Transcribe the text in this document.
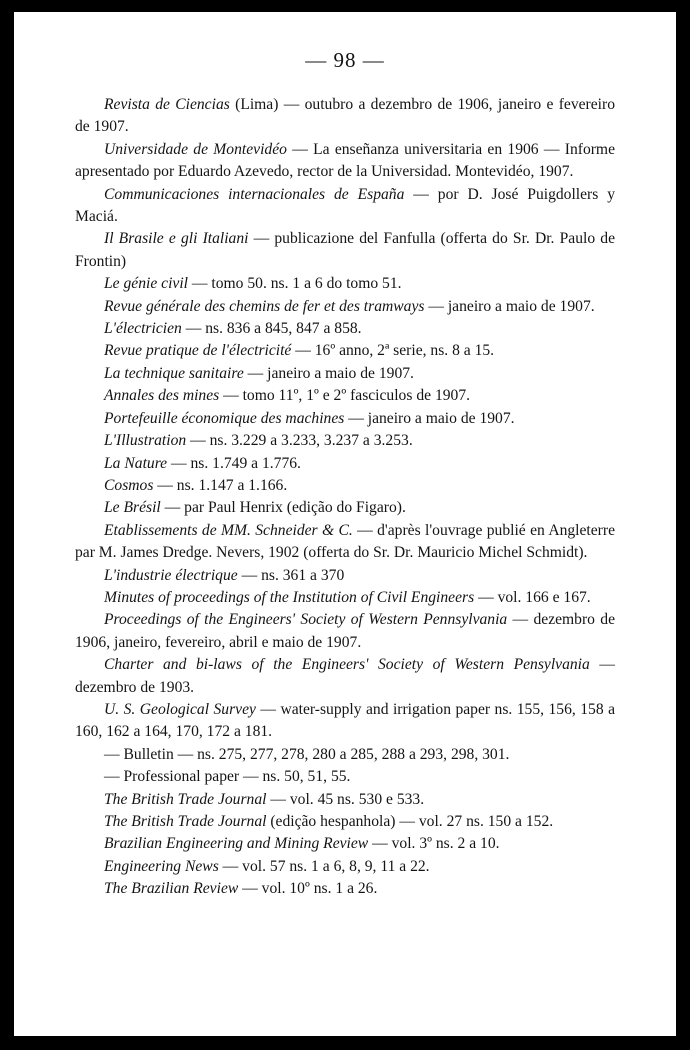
— 98 —

Revista de Ciencias (Lima) — outubro a dezembro de 1906, janeiro e fevereiro de 1907.

Universidade de Montevidéo — La enseñanza universitaria en 1906 — Informe apresentado por Eduardo Azevedo, rector de la Universidad. Montevidéo, 1907.

Communicaciones internacionales de España — por D. José Puigdollers y Maciá.

Il Brasile e gli Italiani — publicazione del Fanfulla (offerta do Sr. Dr. Paulo de Frontin)

Le génie civil — tomo 50. ns. 1 a 6 do tomo 51.

Revue générale des chemins de fer et des tramways — janeiro a maio de 1907.

L'électricien — ns. 836 a 845, 847 a 858.

Revue pratique de l'électricité — 16º anno, 2ª serie, ns. 8 a 15.

La technique sanitaire — janeiro a maio de 1907.

Annales des mines — tomo 11º, 1º e 2º fasciculos de 1907.

Portefeuille économique des machines — janeiro a maio de 1907.

L'Illustration — ns. 3.229 a 3.233, 3.237 a 3.253.

La Nature — ns. 1.749 a 1.776.

Cosmos — ns. 1.147 a 1.166.

Le Brésil — par Paul Henrix (edição do Figaro).

Etablissements de MM. Schneider & C. — d'après l'ouvrage publié en Angleterre par M. James Dredge. Nevers, 1902 (offerta do Sr. Dr. Mauricio Michel Schmidt).

L'industrie électrique — ns. 361 a 370

Minutes of proceedings of the Institution of Civil Engineers — vol. 166 e 167.

Proceedings of the Engineers' Society of Western Pennsylvania — dezembro de 1906, janeiro, fevereiro, abril e maio de 1907.

Charter and bi-laws of the Engineers' Society of Western Pensylvania — dezembro de 1903.

U. S. Geological Survey — water-supply and irrigation paper ns. 155, 156, 158 a 160, 162 a 164, 170, 172 a 181.

— Bulletin — ns. 275, 277, 278, 280 a 285, 288 a 293, 298, 301.

— Professional paper — ns. 50, 51, 55.

The British Trade Journal — vol. 45 ns. 530 e 533.

The British Trade Journal (edição hespanhola) — vol. 27 ns. 150 a 152.

Brazilian Engineering and Mining Review — vol. 3º ns. 2 a 10.

Engineering News — vol. 57 ns. 1 a 6, 8, 9, 11 a 22.

The Brazilian Review — vol. 10º ns. 1 a 26.
